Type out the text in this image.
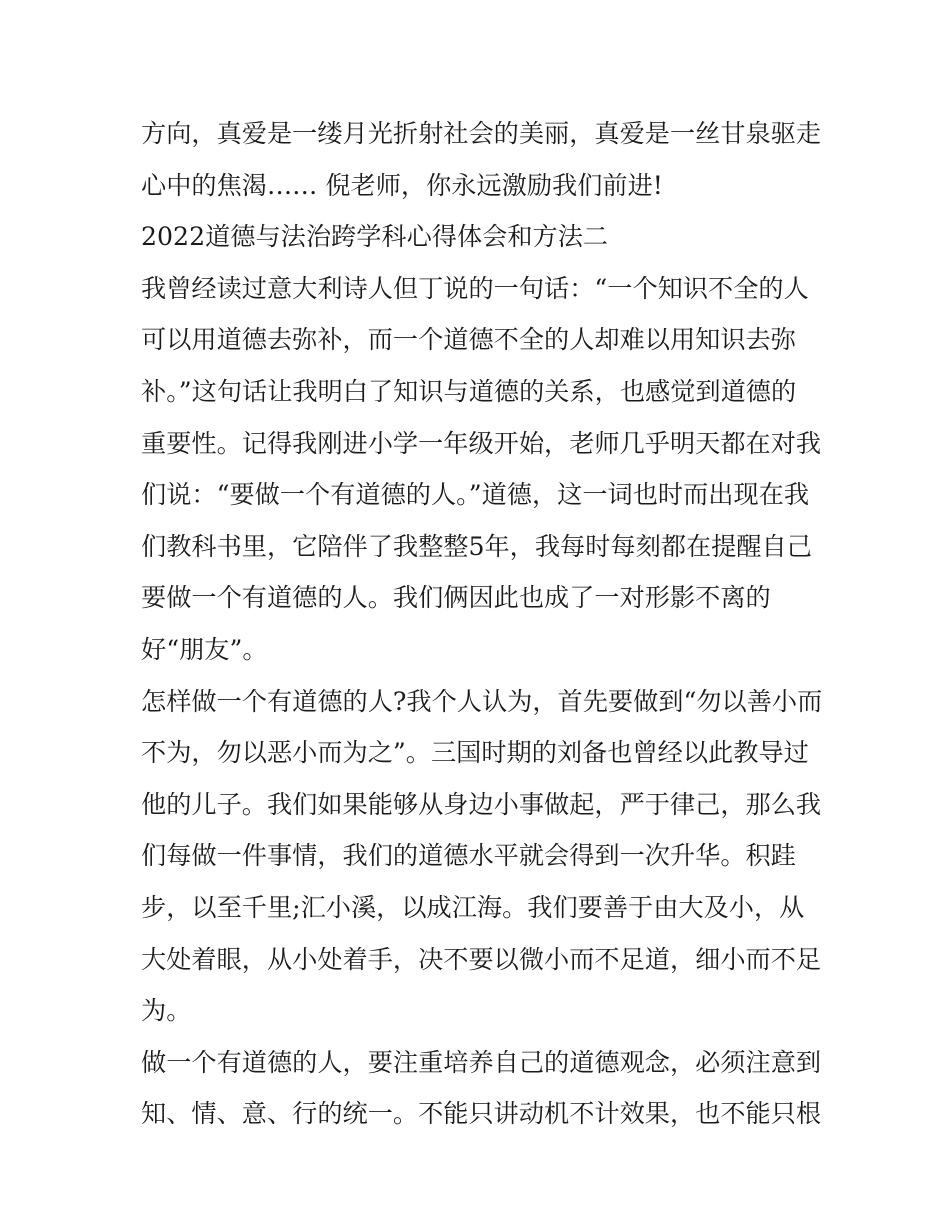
方向，真爱是一缕月光折射社会的美丽，真爱是一丝甘泉驱走
心中的焦渴…… 倪老师，你永远激励我们前进!
2022道德与法治跨学科心得体会和方法二
我曾经读过意大利诗人但丁说的一句话：“一个知识不全的人
可以用道德去弥补，而一个道德不全的人却难以用知识去弥
补。”这句话让我明白了知识与道德的关系，也感觉到道德的
重要性。记得我刚进小学一年级开始，老师几乎明天都在对我
们说：“要做一个有道德的人。”道德，这一词也时而出现在我
们教科书里，它陪伴了我整整5年，我每时每刻都在提醒自己
要做一个有道德的人。我们俩因此也成了一对形影不离的
好“朋友”。
怎样做一个有道德的人?我个人认为，首先要做到“勿以善小而
不为，勿以恶小而为之”。三国时期的刘备也曾经以此教导过
他的儿子。我们如果能够从身边小事做起，严于律己，那么我
们每做一件事情，我们的道德水平就会得到一次升华。积跬
步，以至千里;汇小溪，以成江海。我们要善于由大及小，从
大处着眼，从小处着手，决不要以微小而不足道，细小而不足
为。
做一个有道德的人，要注重培养自己的道德观念，必须注意到
知、情、意、行的统一。不能只讲动机不计效果，也不能只根
